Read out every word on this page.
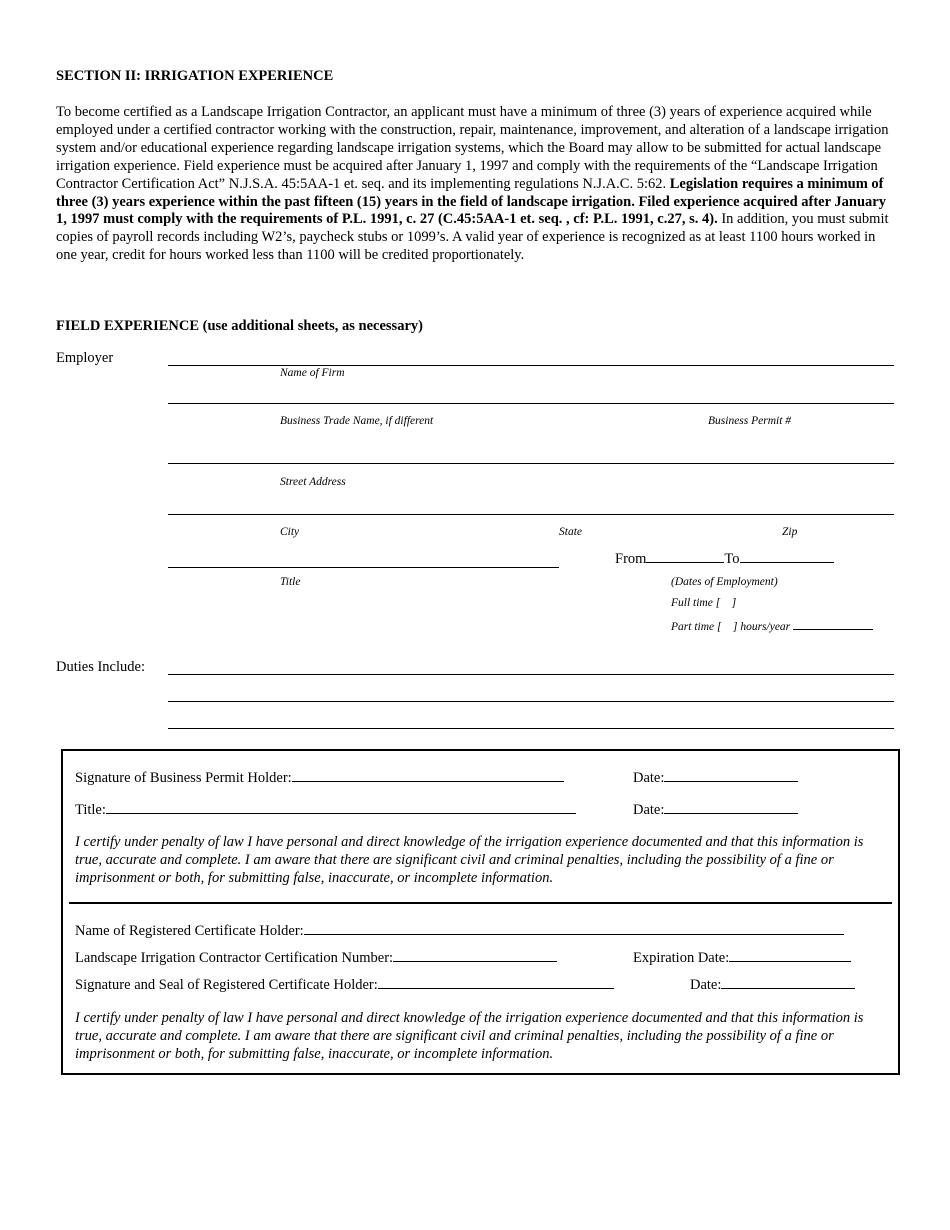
SECTION II: IRRIGATION EXPERIENCE
To become certified as a Landscape Irrigation Contractor, an applicant must have a minimum of three (3) years of experience acquired while employed under a certified contractor working with the construction, repair, maintenance, improvement, and alteration of a landscape irrigation system and/or educational experience regarding landscape irrigation systems, which the Board may allow to be submitted for actual landscape irrigation experience. Field experience must be acquired after January 1, 1997 and comply with the requirements of the “Landscape Irrigation Contractor Certification Act” N.J.S.A. 45:5AA-1 et. seq. and its implementing regulations N.J.A.C. 5:62. Legislation requires a minimum of three (3) years experience within the past fifteen (15) years in the field of landscape irrigation. Filed experience acquired after January 1, 1997 must comply with the requirements of P.L. 1991, c. 27 (C.45:5AA-1 et. seq. , cf: P.L. 1991, c.27, s. 4). In addition, you must submit copies of payroll records including W2’s, paycheck stubs or 1099’s. A valid year of experience is recognized as at least 1100 hours worked in one year, credit for hours worked less than 1100 will be credited proportionately.
FIELD EXPERIENCE (use additional sheets, as necessary)
Employer
Name of Firm
Business Trade Name, if different	Business Permit #
Street Address
City	State	Zip
From	To
Title	(Dates of Employment)
Full time [    ]
Part time [    ] hours/year
Duties Include:
Signature of Business Permit Holder:	Date:
Title:	Date:
I certify under penalty of law I have personal and direct knowledge of the irrigation experience documented and that this information is true, accurate and complete. I am aware that there are significant civil and criminal penalties, including the possibility of a fine or imprisonment or both, for submitting false, inaccurate, or incomplete information.
Name of Registered Certificate Holder:
Landscape Irrigation Contractor Certification Number:	Expiration Date:
Signature and Seal of Registered Certificate Holder:	Date:
I certify under penalty of law I have personal and direct knowledge of the irrigation experience documented and that this information is true, accurate and complete. I am aware that there are significant civil and criminal penalties, including the possibility of a fine or imprisonment or both, for submitting false, inaccurate, or incomplete information.
